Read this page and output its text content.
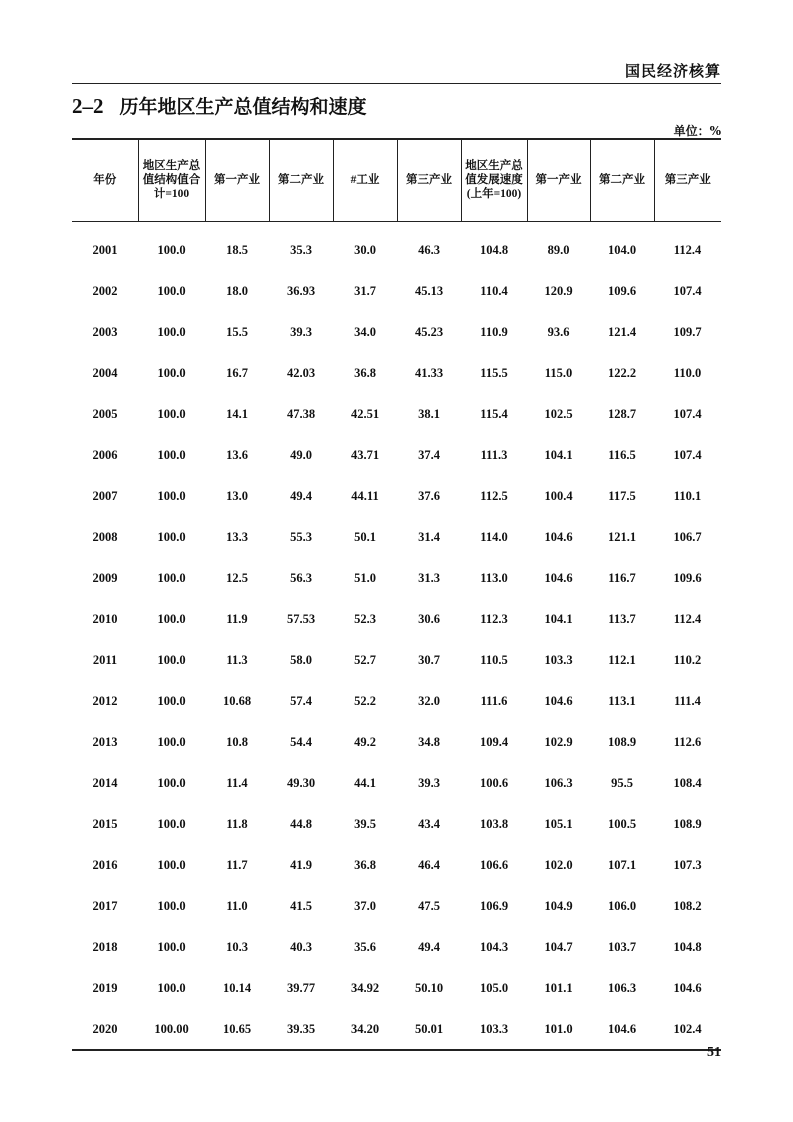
国民经济核算
2–2 历年地区生产总值结构和速度
单位：%
年份	地区生产总值结构值合计=100	第一产业	第二产业	#工业	第三产业	地区生产总值发展速度(上年=100)	第一产业	第二产业	第三产业
2001	100.0	18.5	35.3	30.0	46.3	104.8	89.0	104.0	112.4
2002	100.0	18.0	36.93	31.7	45.13	110.4	120.9	109.6	107.4
2003	100.0	15.5	39.3	34.0	45.23	110.9	93.6	121.4	109.7
2004	100.0	16.7	42.03	36.8	41.33	115.5	115.0	122.2	110.0
2005	100.0	14.1	47.38	42.51	38.1	115.4	102.5	128.7	107.4
2006	100.0	13.6	49.0	43.71	37.4	111.3	104.1	116.5	107.4
2007	100.0	13.0	49.4	44.11	37.6	112.5	100.4	117.5	110.1
2008	100.0	13.3	55.3	50.1	31.4	114.0	104.6	121.1	106.7
2009	100.0	12.5	56.3	51.0	31.3	113.0	104.6	116.7	109.6
2010	100.0	11.9	57.53	52.3	30.6	112.3	104.1	113.7	112.4
2011	100.0	11.3	58.0	52.7	30.7	110.5	103.3	112.1	110.2
2012	100.0	10.68	57.4	52.2	32.0	111.6	104.6	113.1	111.4
2013	100.0	10.8	54.4	49.2	34.8	109.4	102.9	108.9	112.6
2014	100.0	11.4	49.30	44.1	39.3	100.6	106.3	95.5	108.4
2015	100.0	11.8	44.8	39.5	43.4	103.8	105.1	100.5	108.9
2016	100.0	11.7	41.9	36.8	46.4	106.6	102.0	107.1	107.3
2017	100.0	11.0	41.5	37.0	47.5	106.9	104.9	106.0	108.2
2018	100.0	10.3	40.3	35.6	49.4	104.3	104.7	103.7	104.8
2019	100.0	10.14	39.77	34.92	50.10	105.0	101.1	106.3	104.6
2020	100.00	10.65	39.35	34.20	50.01	103.3	101.0	104.6	102.4
51
